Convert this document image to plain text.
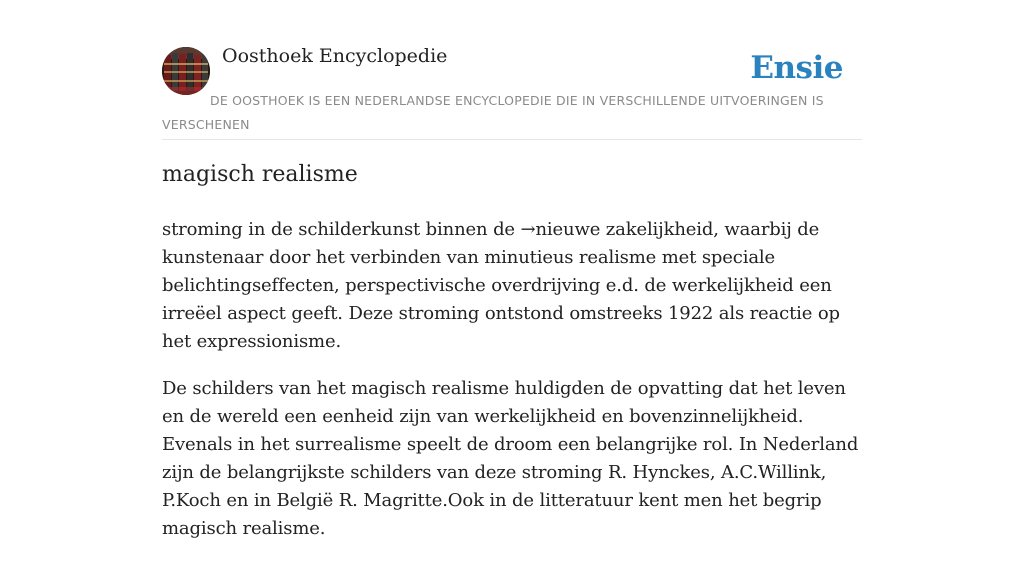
Oosthoek Encyclopedie	Ensie
DE OOSTHOEK IS EEN NEDERLANDSE ENCYCLOPEDIE DIE IN VERSCHILLENDE UITVOERINGEN IS VERSCHENEN
magisch realisme

stroming in de schilderkunst binnen de →nieuwe zakelijkheid, waarbij de kunstenaar door het verbinden van minutieus realisme met speciale belichtingseffecten, perspectivische overdrijving e.d. de werkelijkheid een irreëel aspect geeft. Deze stroming ontstond omstreeks 1922 als reactie op het expressionisme.

De schilders van het magisch realisme huldigden de opvatting dat het leven en de wereld een eenheid zijn van werkelijkheid en bovenzinnelijkheid. Evenals in het surrealisme speelt de droom een belangrijke rol. In Nederland zijn de belangrijkste schilders van deze stroming R. Hynckes, A.C.Willink, P.Koch en in België R. Magritte.Ook in de litteratuur kent men het begrip magisch realisme.
